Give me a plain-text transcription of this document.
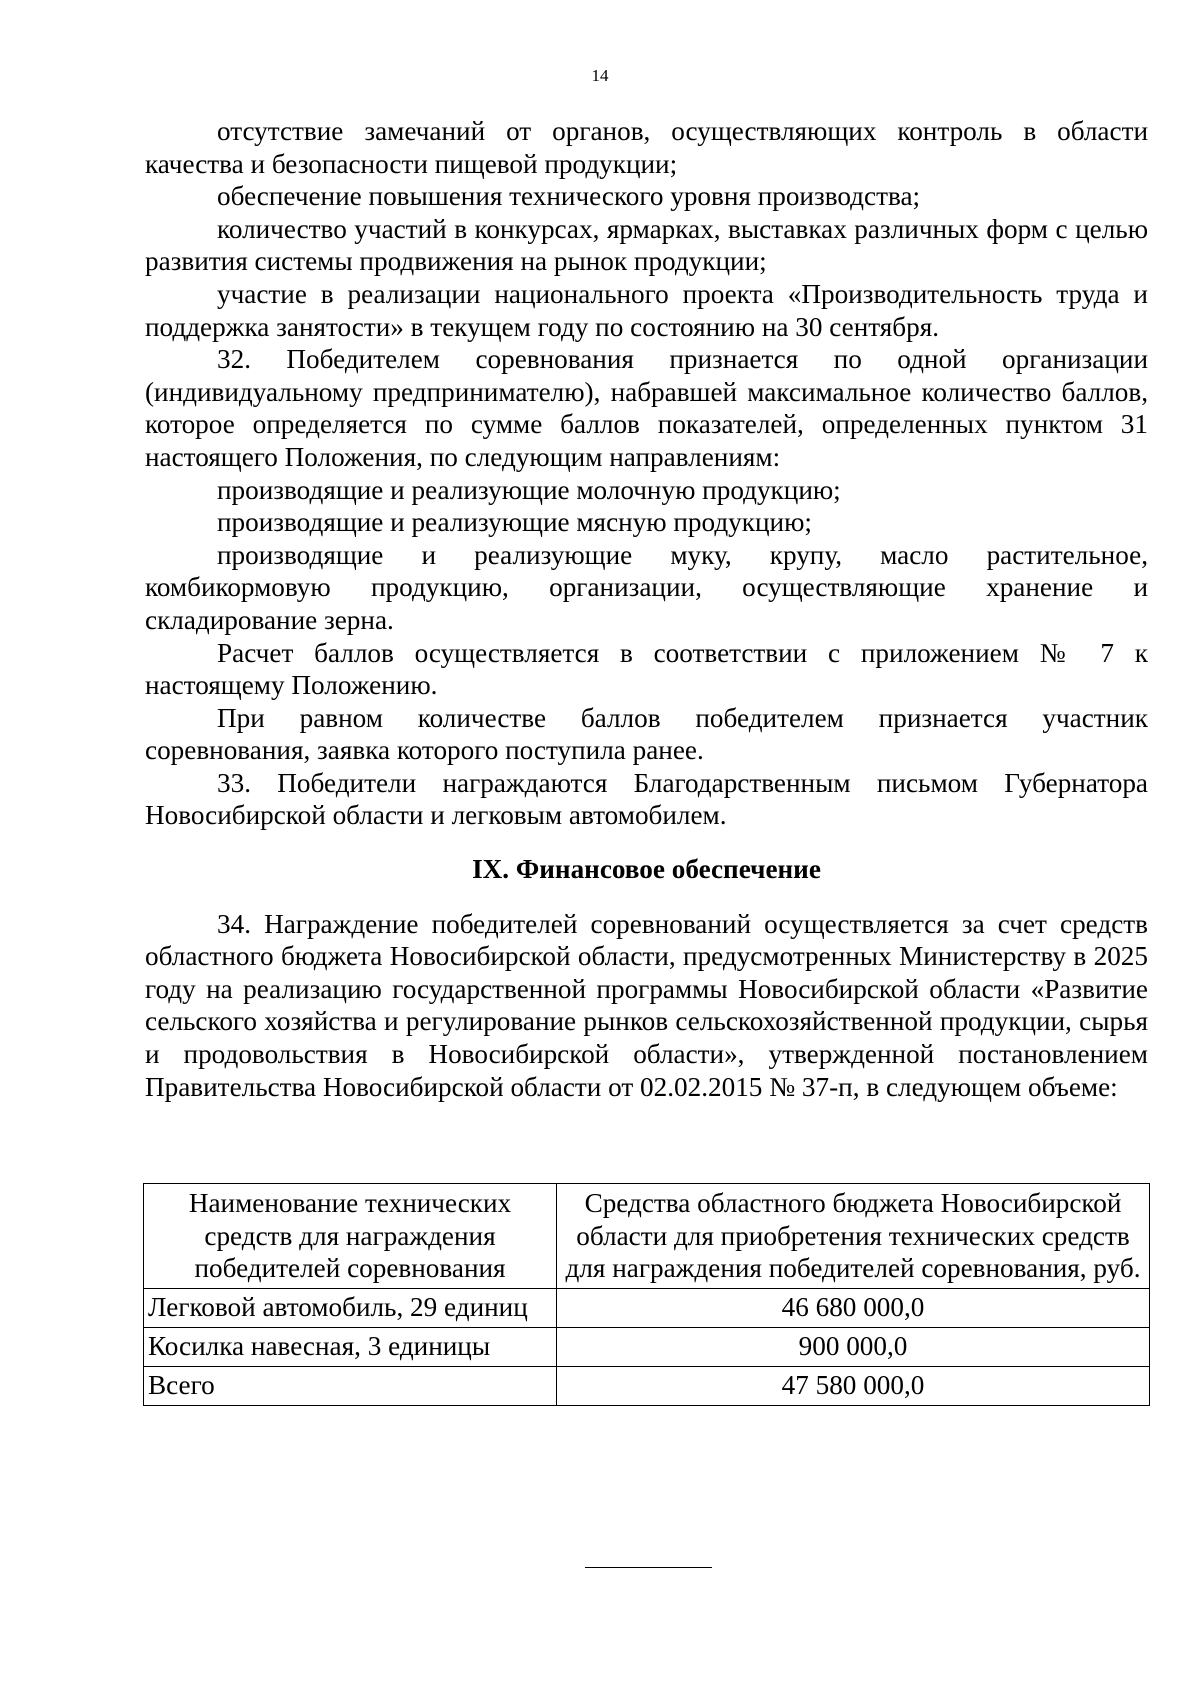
14

отсутствие замечаний от органов, осуществляющих контроль в области качества и безопасности пищевой продукции;

обеспечение повышения технического уровня производства;

количество участий в конкурсах, ярмарках, выставках различных форм с целью развития системы продвижения на рынок продукции;

участие в реализации национального проекта «Производительность труда и поддержка занятости» в текущем году по состоянию на 30 сентября.

32. Победителем соревнования признается по одной организации (индивидуальному предпринимателю), набравшей максимальное количество баллов, которое определяется по сумме баллов показателей, определенных пунктом 31 настоящего Положения, по следующим направлениям:

производящие и реализующие молочную продукцию;

производящие и реализующие мясную продукцию;

производящие и реализующие муку, крупу, масло растительное, комбикормовую продукцию, организации, осуществляющие хранение и складирование зерна.

Расчет баллов осуществляется в соответствии с приложением № 7 к настоящему Положению.

При равном количестве баллов победителем признается участник соревнования, заявка которого поступила ранее.

33. Победители награждаются Благодарственным письмом Губернатора Новосибирской области и легковым автомобилем.

IX. Финансовое обеспечение

34. Награждение победителей соревнований осуществляется за счет средств областного бюджета Новосибирской области, предусмотренных Министерству в 2025 году на реализацию государственной программы Новосибирской области «Развитие сельского хозяйства и регулирование рынков сельскохозяйственной продукции, сырья и продовольствия в Новосибирской области», утвержденной постановлением Правительства Новосибирской области от 02.02.2015 № 37-п, в следующем объеме:

Наименование технических средств для награждения победителей соревнования	Средства областного бюджета Новосибирской области для приобретения технических средств для награждения победителей соревнования, руб.
Легковой автомобиль, 29 единиц	46 680 000,0
Косилка навесная, 3 единицы	900 000,0
Всего	47 580 000,0
